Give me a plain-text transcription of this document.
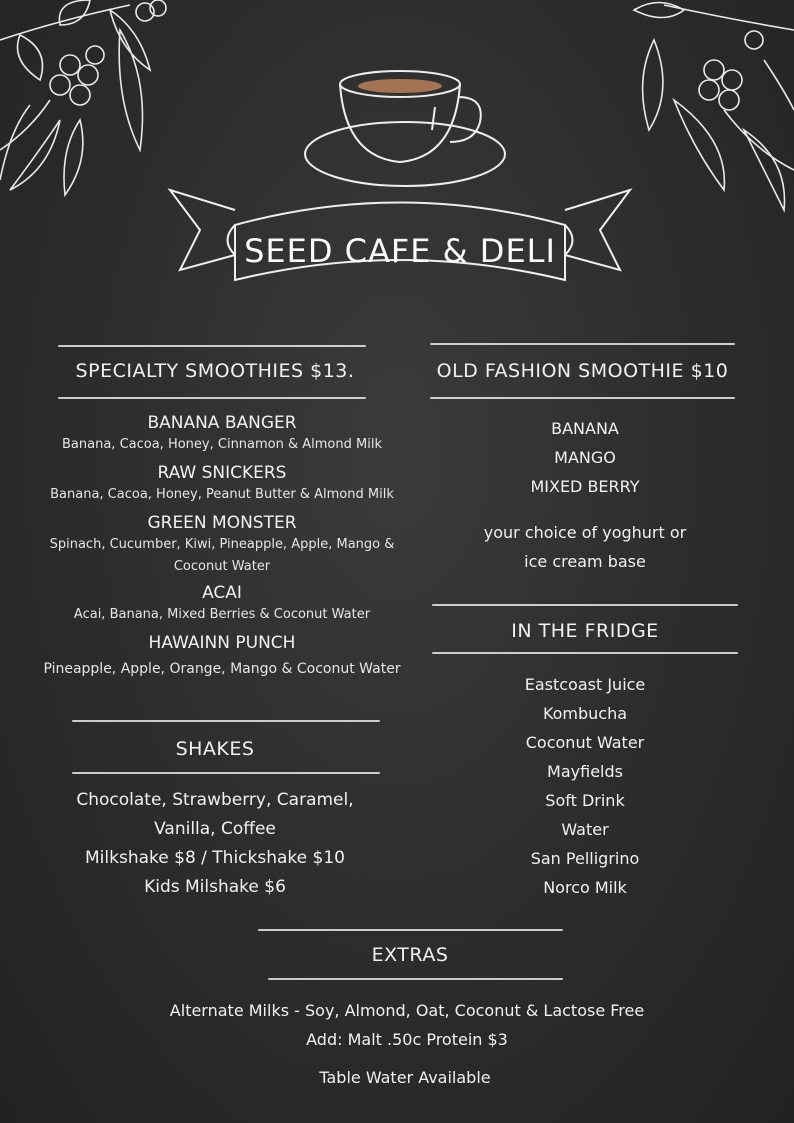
SEED CAFE & DELI
SPECIALTY SMOOTHIES $13.
BANANA BANGER
Banana, Cacoa, Honey, Cinnamon & Almond Milk
RAW SNICKERS
Banana, Cacoa, Honey, Peanut Butter & Almond Milk
GREEN MONSTER
Spinach, Cucumber, Kiwi, Pineapple, Apple, Mango &
Coconut Water
ACAI
Acai, Banana, Mixed Berries & Coconut Water
HAWAINN PUNCH
Pineapple, Apple, Orange, Mango & Coconut Water
SHAKES
Chocolate, Strawberry, Caramel,
Vanilla, Coffee
Milkshake $8 / Thickshake $10
Kids Milshake $6
OLD FASHION SMOOTHIE $10
BANANA
MANGO
MIXED BERRY
your choice of yoghurt or
ice cream base
IN THE FRIDGE
Eastcoast Juice
Kombucha
Coconut Water
Mayfields
Soft Drink
Water
San Pelligrino
Norco Milk
EXTRAS
Alternate Milks - Soy, Almond, Oat, Coconut & Lactose Free
Add: Malt .50c Protein $3
Table Water Available
